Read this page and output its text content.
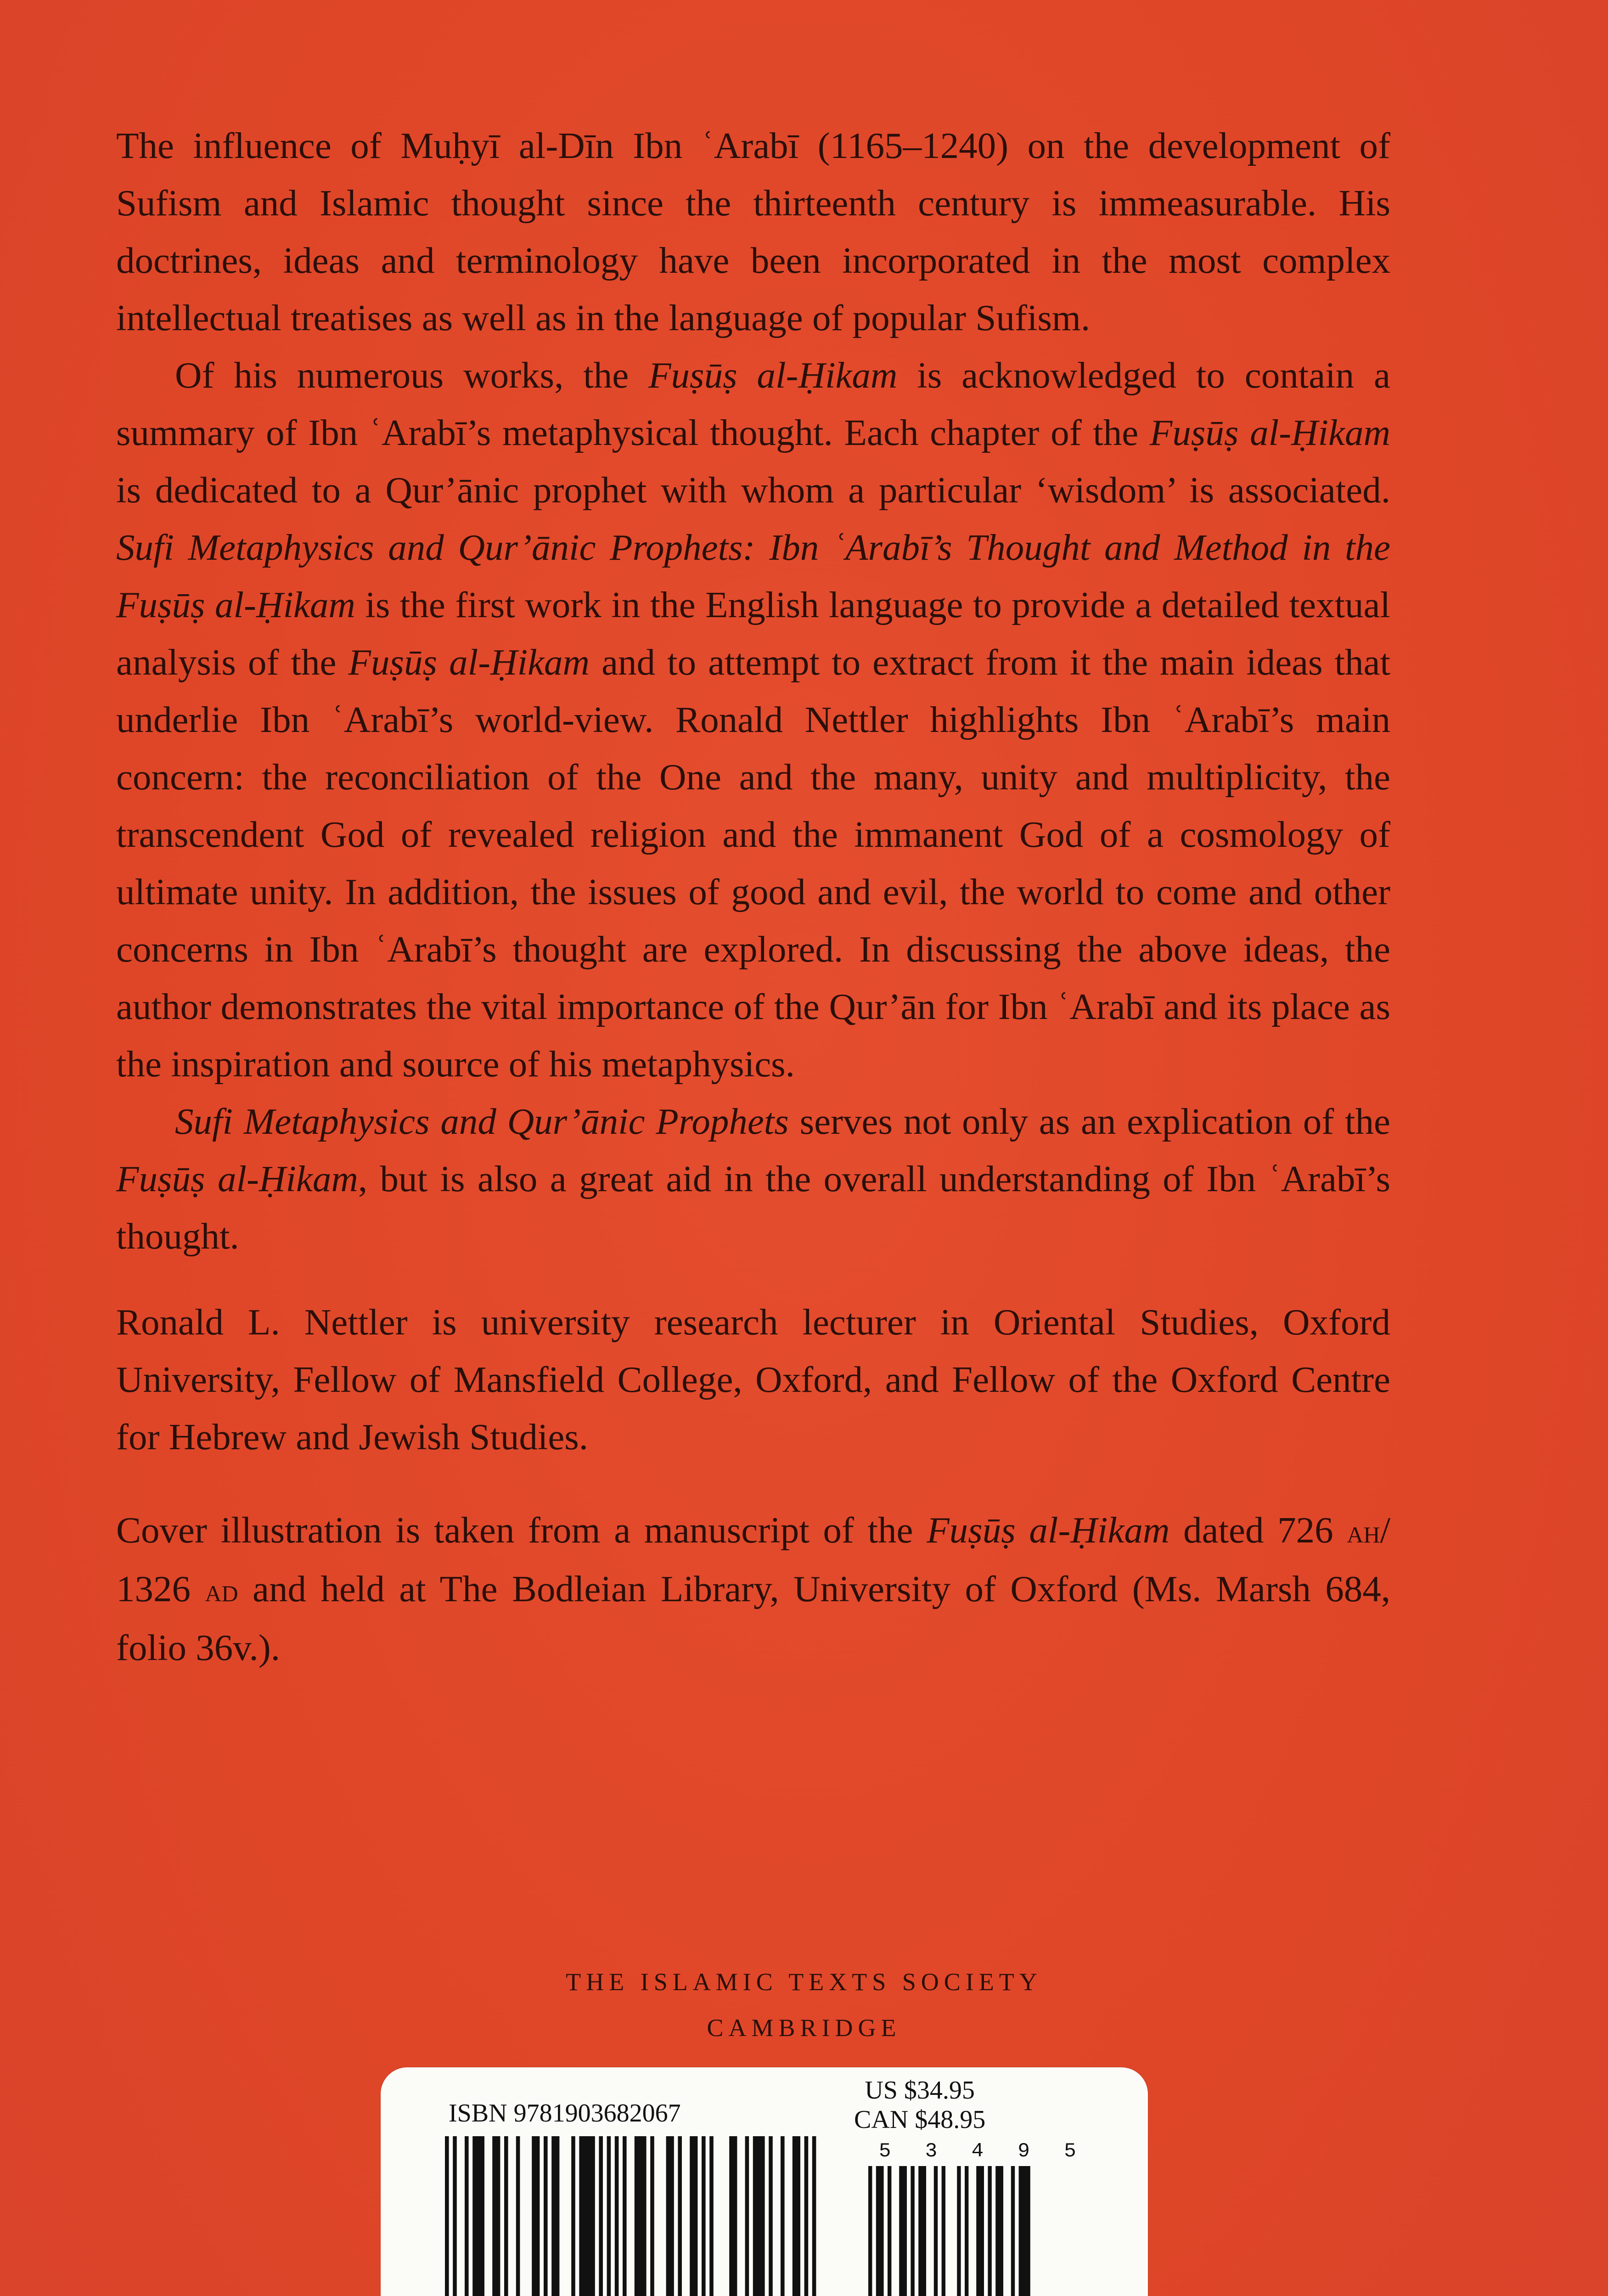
The influence of Muḥyī al-Dīn Ibn ʿArabī (1165–1240) on the development of Sufism and Islamic thought since the thirteenth century is immeasurable. His doctrines, ideas and terminology have been incorporated in the most complex intellectual treatises as well as in the language of popular Sufism.

Of his numerous works, the Fuṣūṣ al-Ḥikam is acknowledged to contain a summary of Ibn ʿArabī’s metaphysical thought. Each chapter of the Fuṣūṣ al-Ḥikam is dedicated to a Qur’ānic prophet with whom a particular ‘wisdom’ is associated. Sufi Metaphysics and Qur’ānic Prophets: Ibn ʿArabī’s Thought and Method in the Fuṣūṣ al-Ḥikam is the first work in the English language to provide a detailed textual analysis of the Fuṣūṣ al-Ḥikam and to attempt to extract from it the main ideas that underlie Ibn ʿArabī’s world-view. Ronald Nettler highlights Ibn ʿArabī’s main concern: the reconciliation of the One and the many, unity and multiplicity, the transcendent God of revealed religion and the immanent God of a cosmology of ultimate unity. In addition, the issues of good and evil, the world to come and other concerns in Ibn ʿArabī’s thought are explored. In discussing the above ideas, the author demonstrates the vital importance of the Qur’ān for Ibn ʿArabī and its place as the inspiration and source of his metaphysics.

Sufi Metaphysics and Qur’ānic Prophets serves not only as an explication of the Fuṣūṣ al-Ḥikam, but is also a great aid in the overall understanding of Ibn ʿArabī’s thought.

Ronald L. Nettler is university research lecturer in Oriental Studies, Oxford University, Fellow of Mansfield College, Oxford, and Fellow of the Oxford Centre for Hebrew and Jewish Studies.

Cover illustration is taken from a manuscript of the Fuṣūṣ al-Ḥikam dated 726 ah/ 1326 ad and held at The Bodleian Library, University of Oxford (Ms. Marsh 684, folio 36v.).

THE ISLAMIC TEXTS SOCIETY
CAMBRIDGE
ISBN 9781903682067
US $34.95
CAN $48.95
5 3 4 9 5
